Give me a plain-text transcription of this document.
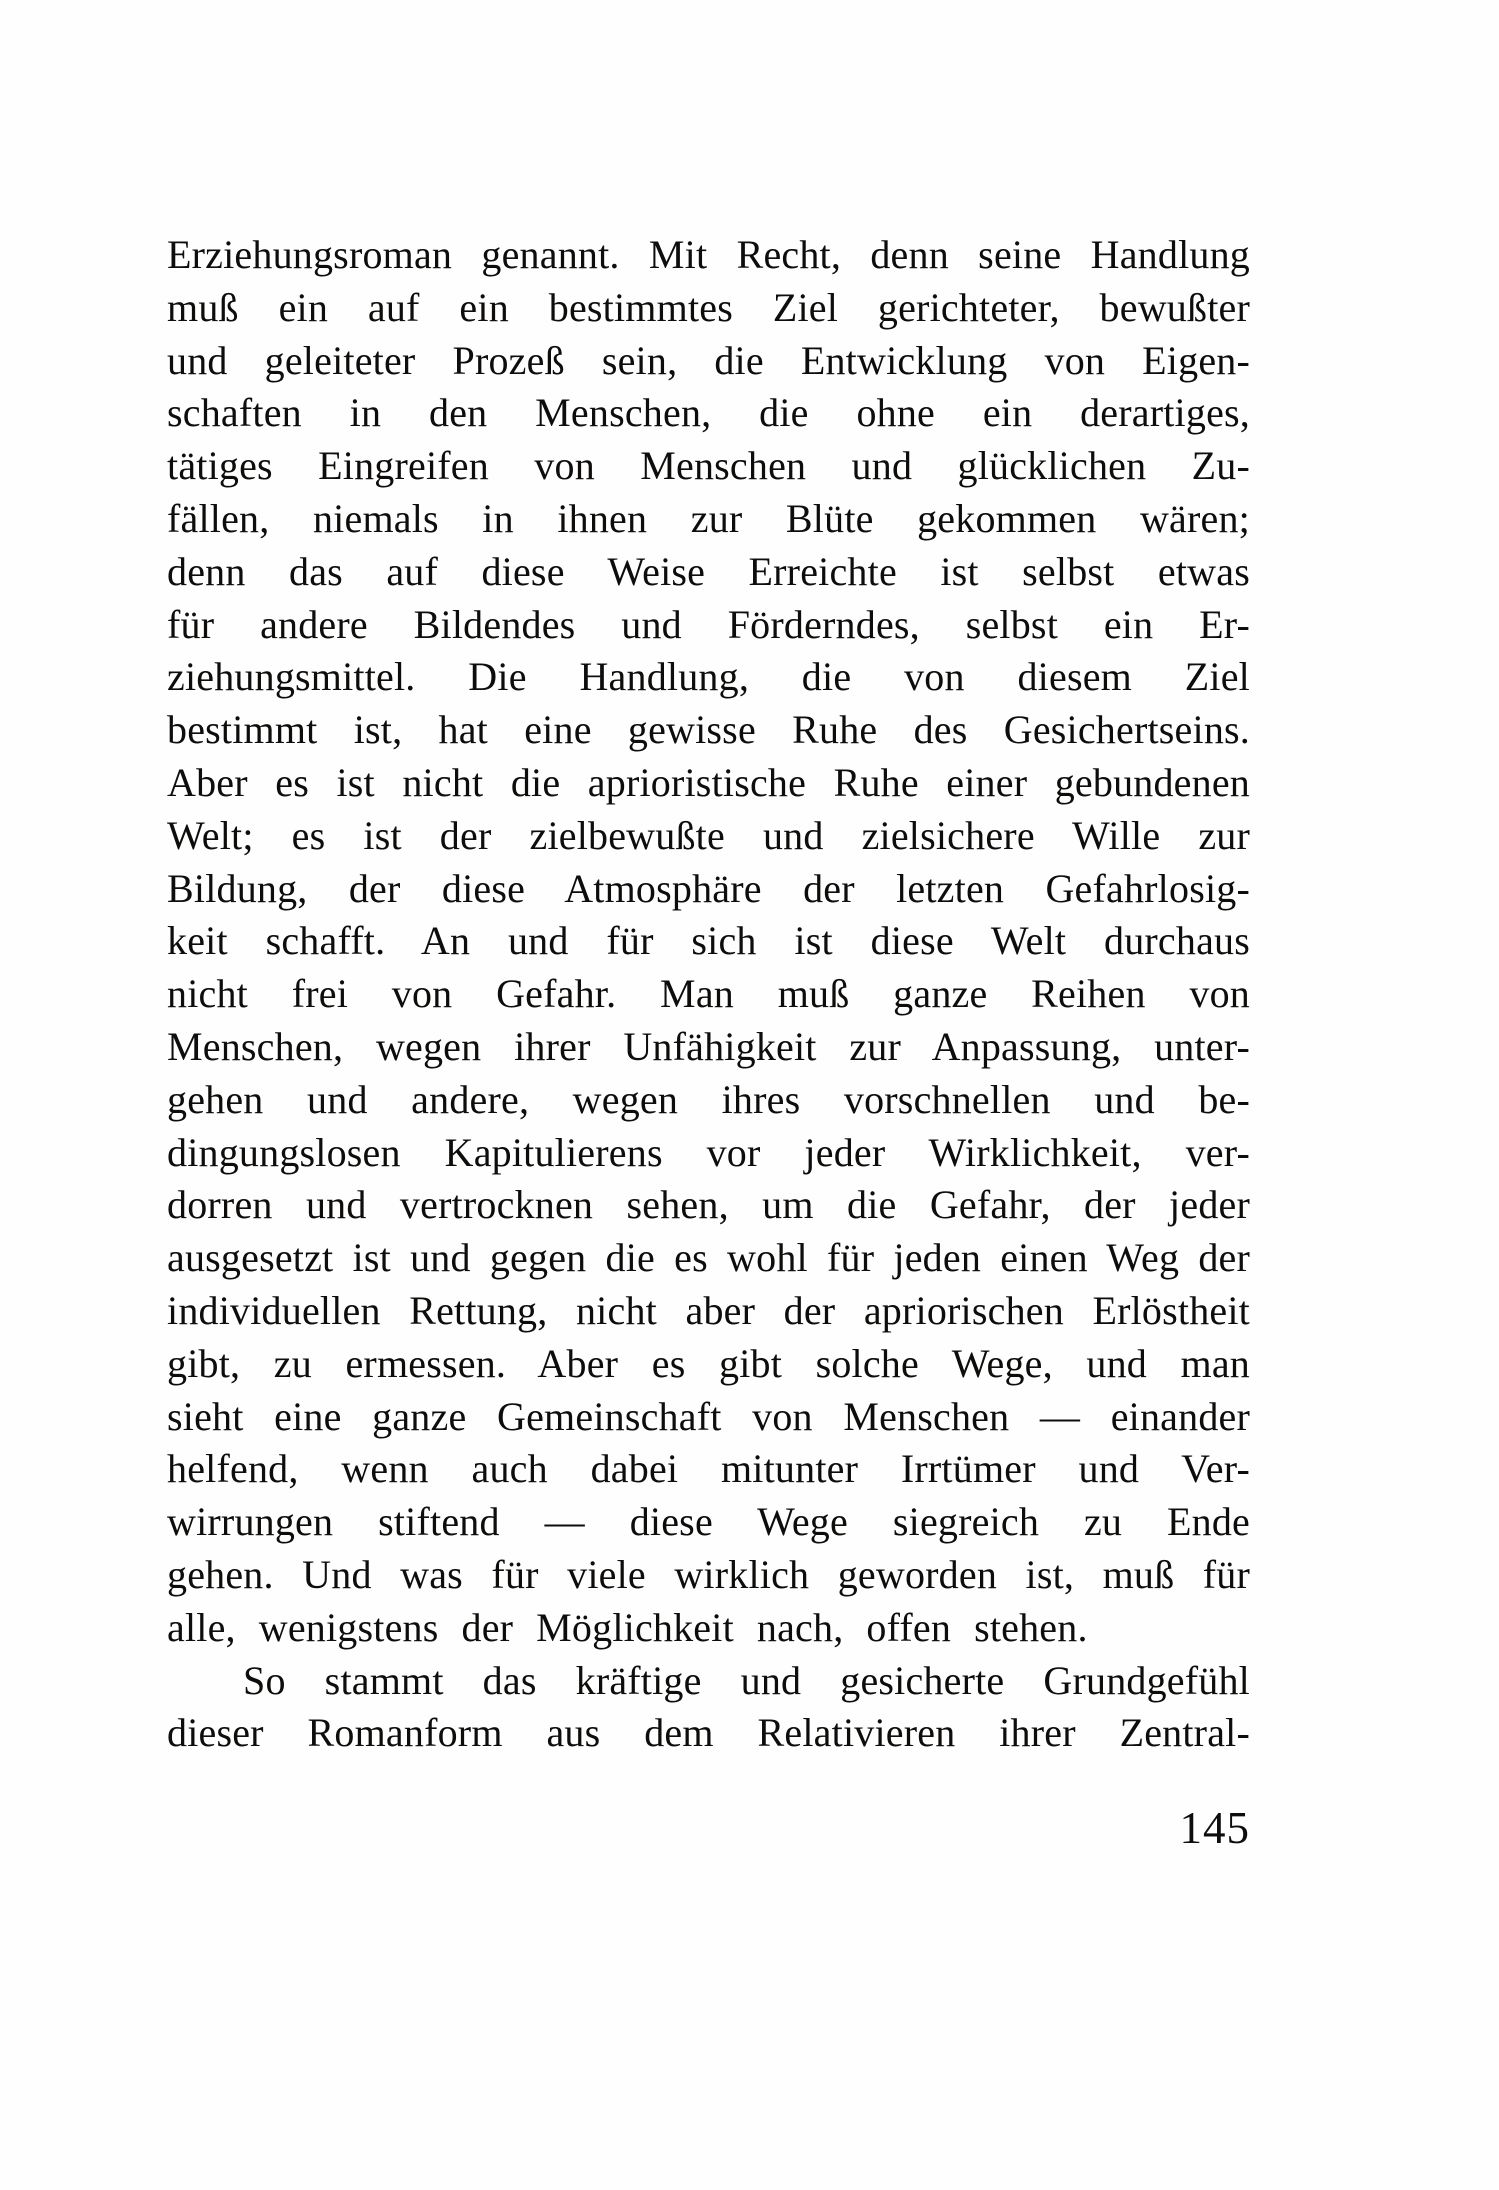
Erziehungsroman genannt. Mit Recht, denn seine Handlung
muß ein auf ein bestimmtes Ziel gerichteter, bewußter
und geleiteter Prozeß sein, die Entwicklung von Eigen-
schaften in den Menschen, die ohne ein derartiges,
tätiges Eingreifen von Menschen und glücklichen Zu-
fällen, niemals in ihnen zur Blüte gekommen wären;
denn das auf diese Weise Erreichte ist selbst etwas
für andere Bildendes und Förderndes, selbst ein Er-
ziehungsmittel. Die Handlung, die von diesem Ziel
bestimmt ist, hat eine gewisse Ruhe des Gesichertseins.
Aber es ist nicht die aprioristische Ruhe einer gebundenen
Welt; es ist der zielbewußte und zielsichere Wille zur
Bildung, der diese Atmosphäre der letzten Gefahrlosig-
keit schafft. An und für sich ist diese Welt durchaus
nicht frei von Gefahr. Man muß ganze Reihen von
Menschen, wegen ihrer Unfähigkeit zur Anpassung, unter-
gehen und andere, wegen ihres vorschnellen und be-
dingungslosen Kapitulierens vor jeder Wirklichkeit, ver-
dorren und vertrocknen sehen, um die Gefahr, der jeder
ausgesetzt ist und gegen die es wohl für jeden einen Weg der
individuellen Rettung, nicht aber der apriorischen Erlöstheit
gibt, zu ermessen. Aber es gibt solche Wege, und man
sieht eine ganze Gemeinschaft von Menschen — einander
helfend, wenn auch dabei mitunter Irrtümer und Ver-
wirrungen stiftend — diese Wege siegreich zu Ende
gehen. Und was für viele wirklich geworden ist, muß für
alle, wenigstens der Möglichkeit nach, offen stehen.
So stammt das kräftige und gesicherte Grundgefühl
dieser Romanform aus dem Relativieren ihrer Zentral-
145
